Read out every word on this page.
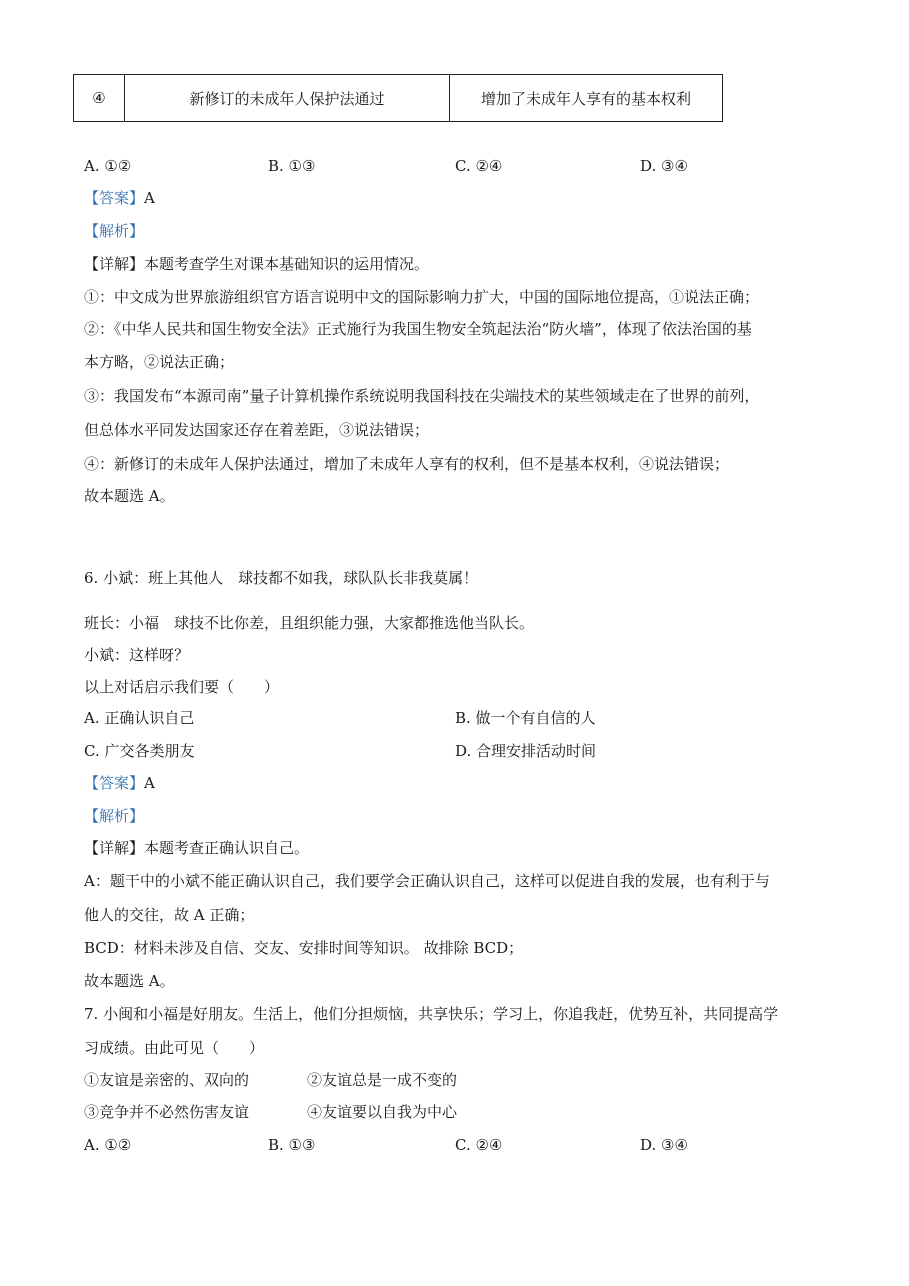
④	新修订的未成年人保护法通过	增加了未成年人享有的基本权利
A. ①②	B. ①③	C. ②④	D. ③④
【答案】A
【解析】
【详解】本题考查学生对课本基础知识的运用情况。
①：中文成为世界旅游组织官方语言说明中文的国际影响力扩大，中国的国际地位提高，①说法正确；
②：《中华人民共和国生物安全法》正式施行为我国生物安全筑起法治“防火墙”，体现了依法治国的基
本方略，②说法正确；
③：我国发布“本源司南”量子计算机操作系统说明我国科技在尖端技术的某些领域走在了世界的前列，
但总体水平同发达国家还存在着差距，③说法错误；
④：新修订的未成年人保护法通过，增加了未成年人享有的权利，但不是基本权利，④说法错误；
故本题选 A。
6. 小斌：班上其他人　球技都不如我，球队队长非我莫属！
班长：小福　球技不比你差，且组织能力强，大家都推选他当队长。
小斌：这样呀？
以上对话启示我们要（　　）
A. 正确认识自己	B. 做一个有自信的人
C. 广交各类朋友	D. 合理安排活动时间
【答案】A
【解析】
【详解】本题考查正确认识自己。
A：题干中的小斌不能正确认识自己，我们要学会正确认识自己，这样可以促进自我的发展，也有利于与
他人的交往，故 A 正确；
BCD：材料未涉及自信、交友、安排时间等知识。 故排除 BCD；
故本题选 A。
7. 小闽和小福是好朋友。生活上，他们分担烦恼，共享快乐；学习上，你追我赶，优势互补，共同提高学
习成绩。由此可见（　　）
①友谊是亲密的、双向的	②友谊总是一成不变的
③竞争并不必然伤害友谊	④友谊要以自我为中心
A. ①②	B. ①③	C. ②④	D. ③④
